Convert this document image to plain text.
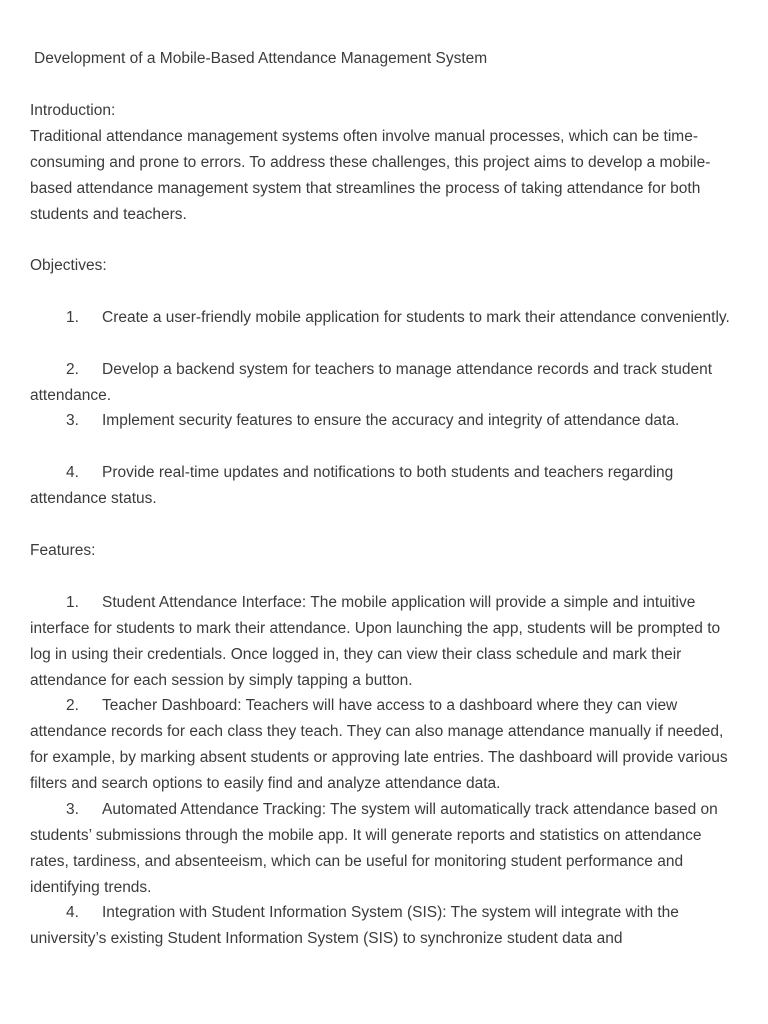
Development of a Mobile-Based Attendance Management System
Introduction:
Traditional attendance management systems often involve manual processes, which can be time-consuming and prone to errors. To address these challenges, this project aims to develop a mobile-based attendance management system that streamlines the process of taking attendance for both students and teachers.
Objectives:
1. Create a user-friendly mobile application for students to mark their attendance conveniently.
2. Develop a backend system for teachers to manage attendance records and track student attendance.
3. Implement security features to ensure the accuracy and integrity of attendance data.
4. Provide real-time updates and notifications to both students and teachers regarding attendance status.
Features:
1. Student Attendance Interface: The mobile application will provide a simple and intuitive interface for students to mark their attendance. Upon launching the app, students will be prompted to log in using their credentials. Once logged in, they can view their class schedule and mark their attendance for each session by simply tapping a button.
2. Teacher Dashboard: Teachers will have access to a dashboard where they can view attendance records for each class they teach. They can also manage attendance manually if needed, for example, by marking absent students or approving late entries. The dashboard will provide various filters and search options to easily find and analyze attendance data.
3. Automated Attendance Tracking: The system will automatically track attendance based on students’ submissions through the mobile app. It will generate reports and statistics on attendance rates, tardiness, and absenteeism, which can be useful for monitoring student performance and identifying trends.
4. Integration with Student Information System (SIS): The system will integrate with the university’s existing Student Information System (SIS) to synchronize student data and
